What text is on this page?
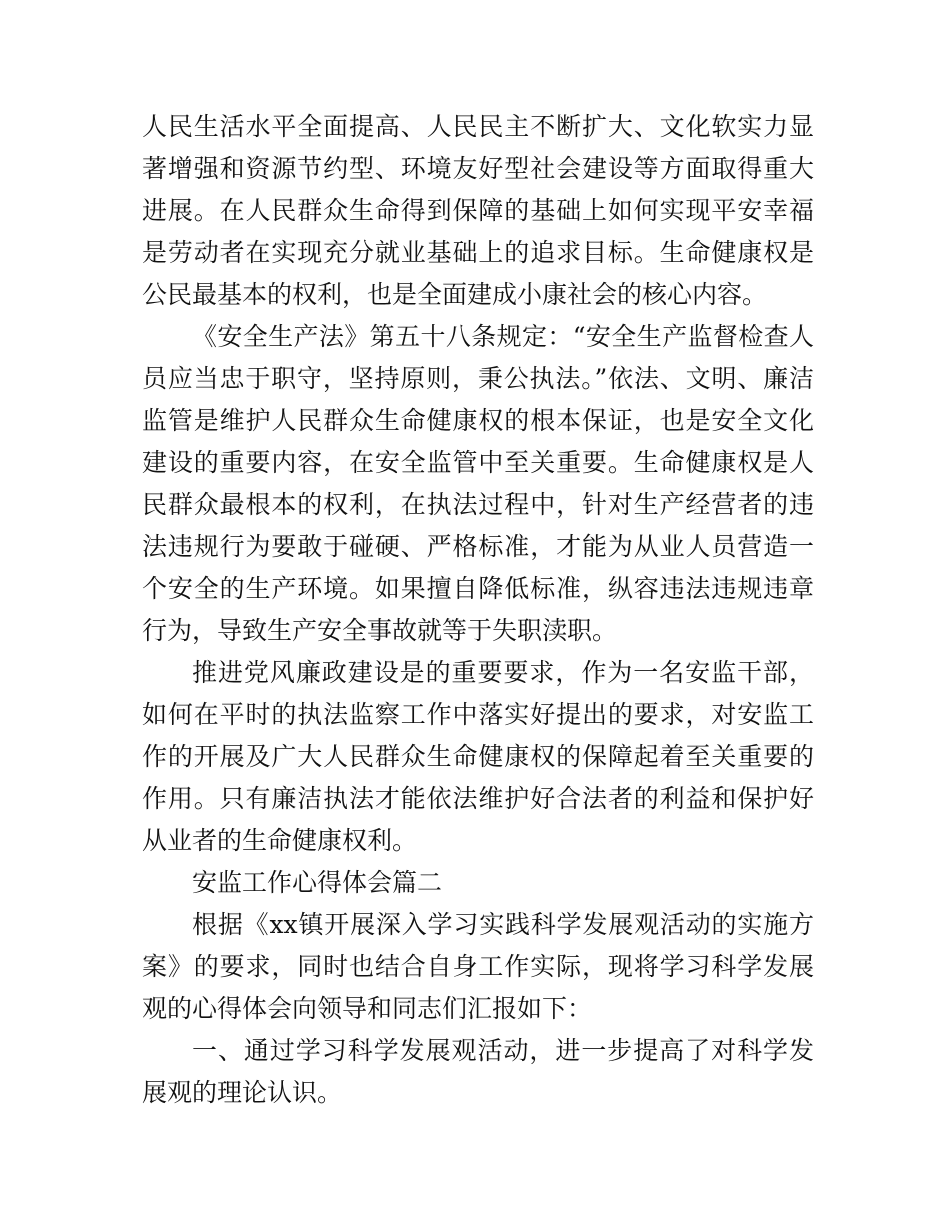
人民生活水平全面提高、人民民主不断扩大、文化软实力显著增强和资源节约型、环境友好型社会建设等方面取得重大进展。在人民群众生命得到保障的基础上如何实现平安幸福是劳动者在实现充分就业基础上的追求目标。生命健康权是公民最基本的权利，也是全面建成小康社会的核心内容。

《安全生产法》第五十八条规定：“安全生产监督检查人员应当忠于职守，坚持原则，秉公执法。”依法、文明、廉洁监管是维护人民群众生命健康权的根本保证，也是安全文化建设的重要内容，在安全监管中至关重要。生命健康权是人民群众最根本的权利，在执法过程中，针对生产经营者的违法违规行为要敢于碰硬、严格标准，才能为从业人员营造一个安全的生产环境。如果擅自降低标准，纵容违法违规违章行为，导致生产安全事故就等于失职渎职。

推进党风廉政建设是的重要要求，作为一名安监干部，如何在平时的执法监察工作中落实好提出的要求，对安监工作的开展及广大人民群众生命健康权的保障起着至关重要的作用。只有廉洁执法才能依法维护好合法者的利益和保护好从业者的生命健康权利。

安监工作心得体会篇二

根据《xx镇开展深入学习实践科学发展观活动的实施方案》的要求，同时也结合自身工作实际，现将学习科学发展观的心得体会向领导和同志们汇报如下：

一、通过学习科学发展观活动，进一步提高了对科学发展观的理论认识。
